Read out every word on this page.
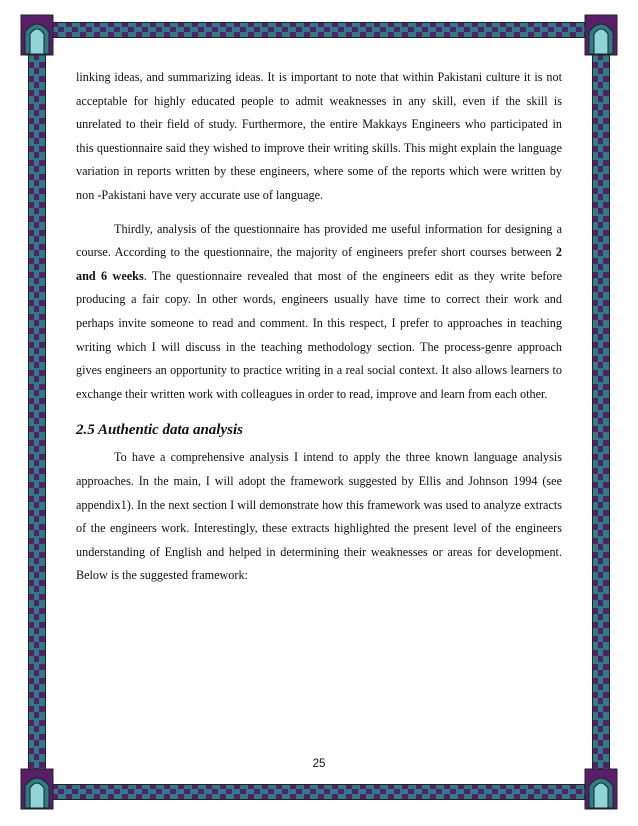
linking ideas, and summarizing ideas. It is important to note that within Pakistani culture it is not acceptable for highly educated people to admit weaknesses in any skill, even if the skill is unrelated to their field of study. Furthermore, the entire Makkays Engineers who participated in this questionnaire said they wished to improve their writing skills. This might explain the language variation in reports written by these engineers, where some of the reports which were written by non -Pakistani have very accurate use of language.

Thirdly, analysis of the questionnaire has provided me useful information for designing a course. According to the questionnaire, the majority of engineers prefer short courses between 2 and 6 weeks. The questionnaire revealed that most of the engineers edit as they write before producing a fair copy. In other words, engineers usually have time to correct their work and perhaps invite someone to read and comment. In this respect, I prefer to approaches in teaching writing which I will discuss in the teaching methodology section. The process-genre approach gives engineers an opportunity to practice writing in a real social context. It also allows learners to exchange their written work with colleagues in order to read, improve and learn from each other.

2.5 Authentic data analysis

To have a comprehensive analysis I intend to apply the three known language analysis approaches. In the main, I will adopt the framework suggested by Ellis and Johnson 1994 (see appendix1). In the next section I will demonstrate how this framework was used to analyze extracts of the engineers work. Interestingly, these extracts highlighted the present level of the engineers understanding of English and helped in determining their weaknesses or areas for development. Below is the suggested framework:

25
